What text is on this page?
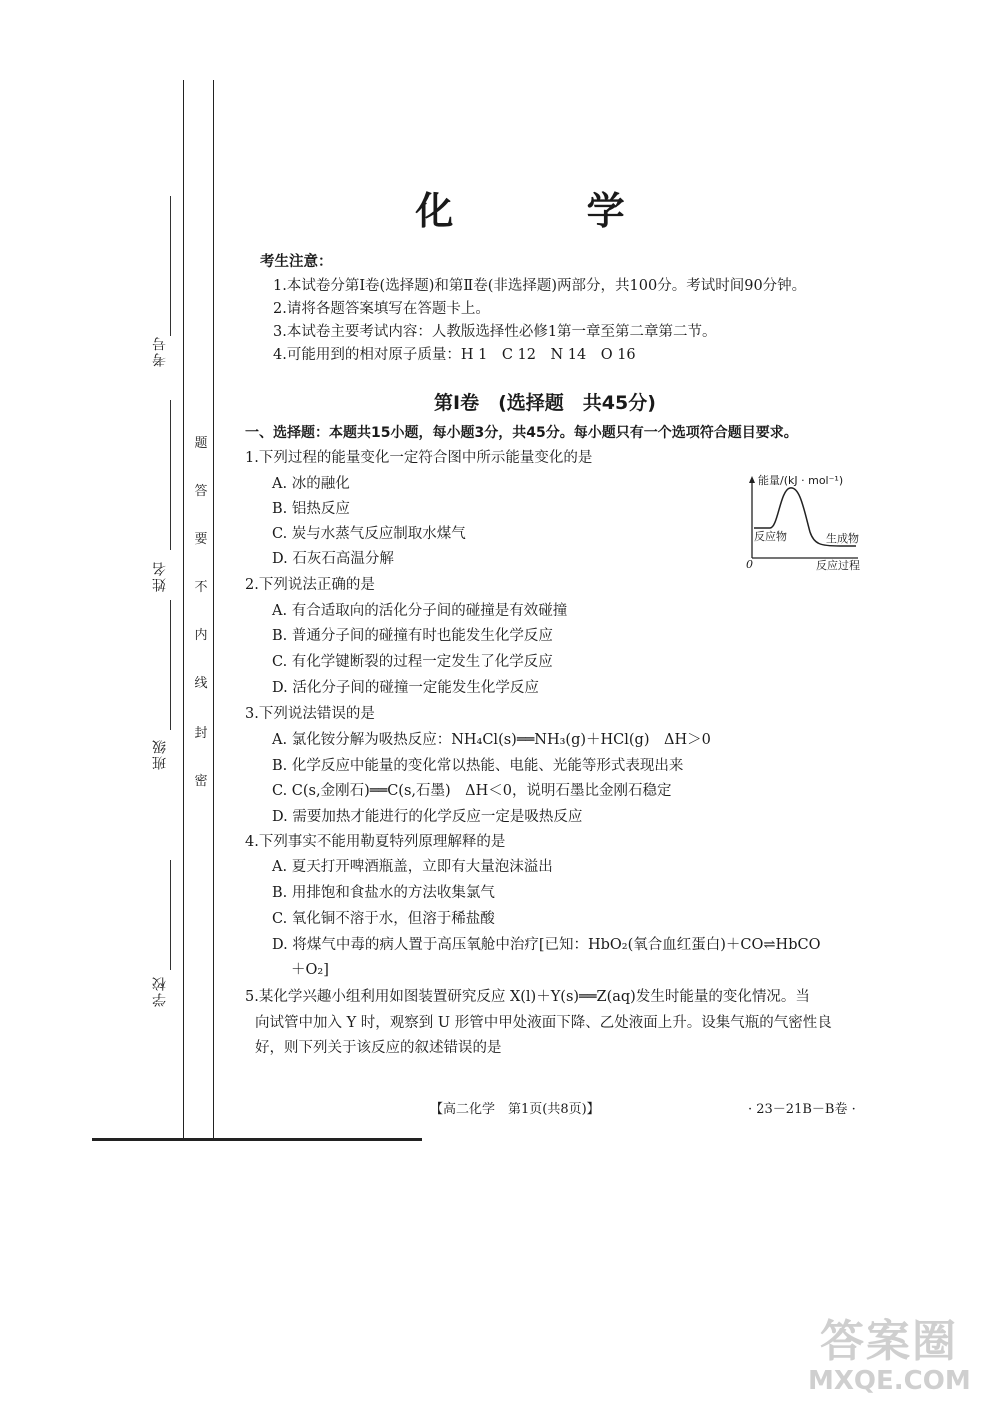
考号
姓名
班级
学校
密
封
线
内
不
要
答
题
化 学
考生注意：
1.本试卷分第Ⅰ卷(选择题)和第Ⅱ卷(非选择题)两部分，共100分。考试时间90分钟。
2.请将各题答案填写在答题卡上。
3.本试卷主要考试内容：人教版选择性必修1第一章至第二章第二节。
4.可能用到的相对原子质量：H 1　C 12　N 14　O 16
第Ⅰ卷　(选择题　共45分)
一、选择题：本题共15小题，每小题3分，共45分。每小题只有一个选项符合题目要求。
1.下列过程的能量变化一定符合图中所示能量变化的是
A. 冰的融化
B. 铝热反应
C. 炭与水蒸气反应制取水煤气
D. 石灰石高温分解
能量/(kJ · mol⁻¹)
反应物	生成物
0	反应过程
2.下列说法正确的是
A. 有合适取向的活化分子间的碰撞是有效碰撞
B. 普通分子间的碰撞有时也能发生化学反应
C. 有化学键断裂的过程一定发生了化学反应
D. 活化分子间的碰撞一定能发生化学反应
3.下列说法错误的是
A. 氯化铵分解为吸热反应：NH₄Cl(s)══NH₃(g)＋HCl(g)　ΔH＞0
B. 化学反应中能量的变化常以热能、电能、光能等形式表现出来
C. C(s,金刚石)══C(s,石墨)　ΔH＜0，说明石墨比金刚石稳定
D. 需要加热才能进行的化学反应一定是吸热反应
4.下列事实不能用勒夏特列原理解释的是
A. 夏天打开啤酒瓶盖，立即有大量泡沫溢出
B. 用排饱和食盐水的方法收集氯气
C. 氧化铜不溶于水，但溶于稀盐酸
D. 将煤气中毒的病人置于高压氧舱中治疗[已知：HbO₂(氧合血红蛋白)＋CO⇌HbCO
＋O₂]
5.某化学兴趣小组利用如图装置研究反应 X(l)＋Y(s)══Z(aq)发生时能量的变化情况。当
向试管中加入 Y 时，观察到 U 形管中甲处液面下降、乙处液面上升。设集气瓶的气密性良
好，则下列关于该反应的叙述错误的是
【高二化学　第1页(共8页)】	· 23－21B－B卷 ·
答案圈
MXQE.COM
